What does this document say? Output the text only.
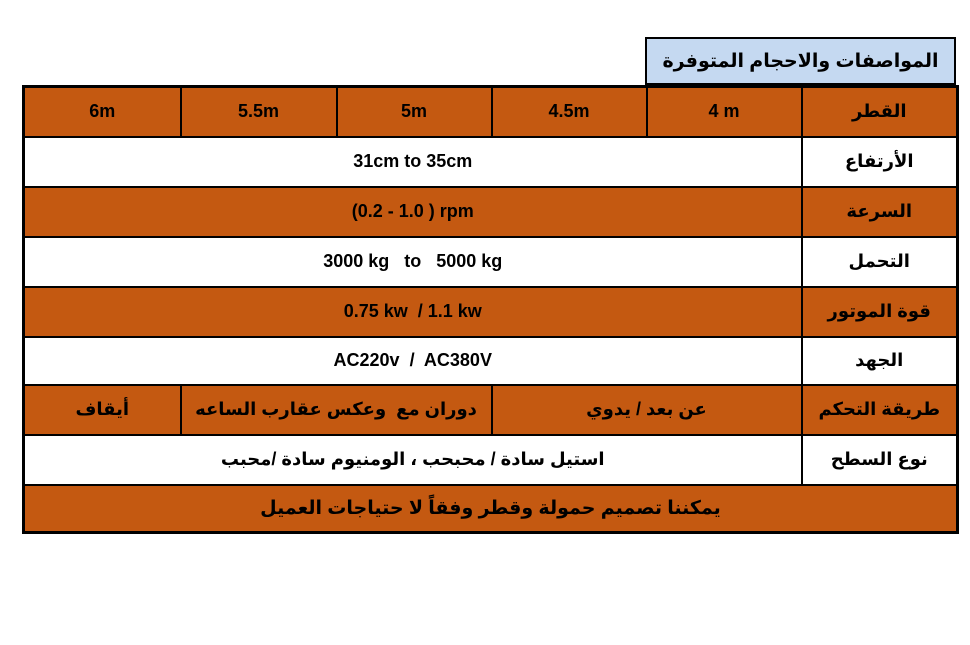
المواصفات والاحجام المتوفرة
6m	5.5m	5m	4.5m	4 m	القطر
31cm to 35cm					الأرتفاع
(0.2 - 1.0 ) rpm					السرعة
3000 kg   to   5000 kg					التحمل
0.75 kw  / 1.1 kw					قوة الموتور
AC220v  /  AC380V					الجهد
أيقاف	دوران مع  وعكس عقارب الساعه		عن بعد / يدوي		طريقة التحكم
استيل سادة / محبحب ، الومنيوم سادة /محبب					نوع السطح
يمكننا تصميم حمولة وقطر وفقاً لا حتياجات العميل					
